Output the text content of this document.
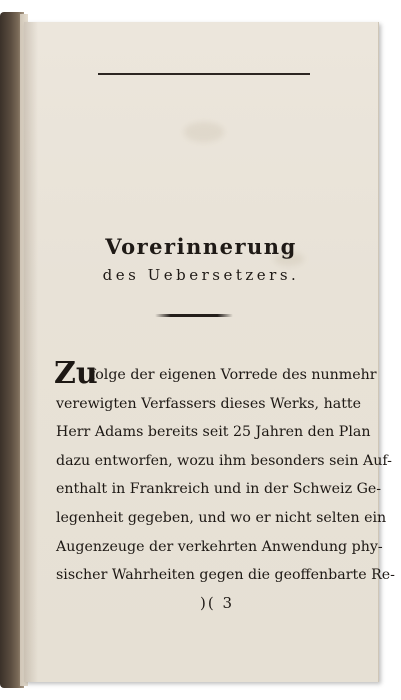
Vorerinnerung
des Uebersetzers.
Zu
folge der eigenen Vorrede des nunmehr
verewigten Verfassers dieses Werks, hatte
Herr Adams bereits seit 25 Jahren den Plan
dazu entworfen, wozu ihm besonders sein Auf-
enthalt in Frankreich und in der Schweiz Ge-
legenheit gegeben, und wo er nicht selten ein
Augenzeuge der verkehrten Anwendung phy-
sischer Wahrheiten gegen die geoffenbarte Re-
)( 3
